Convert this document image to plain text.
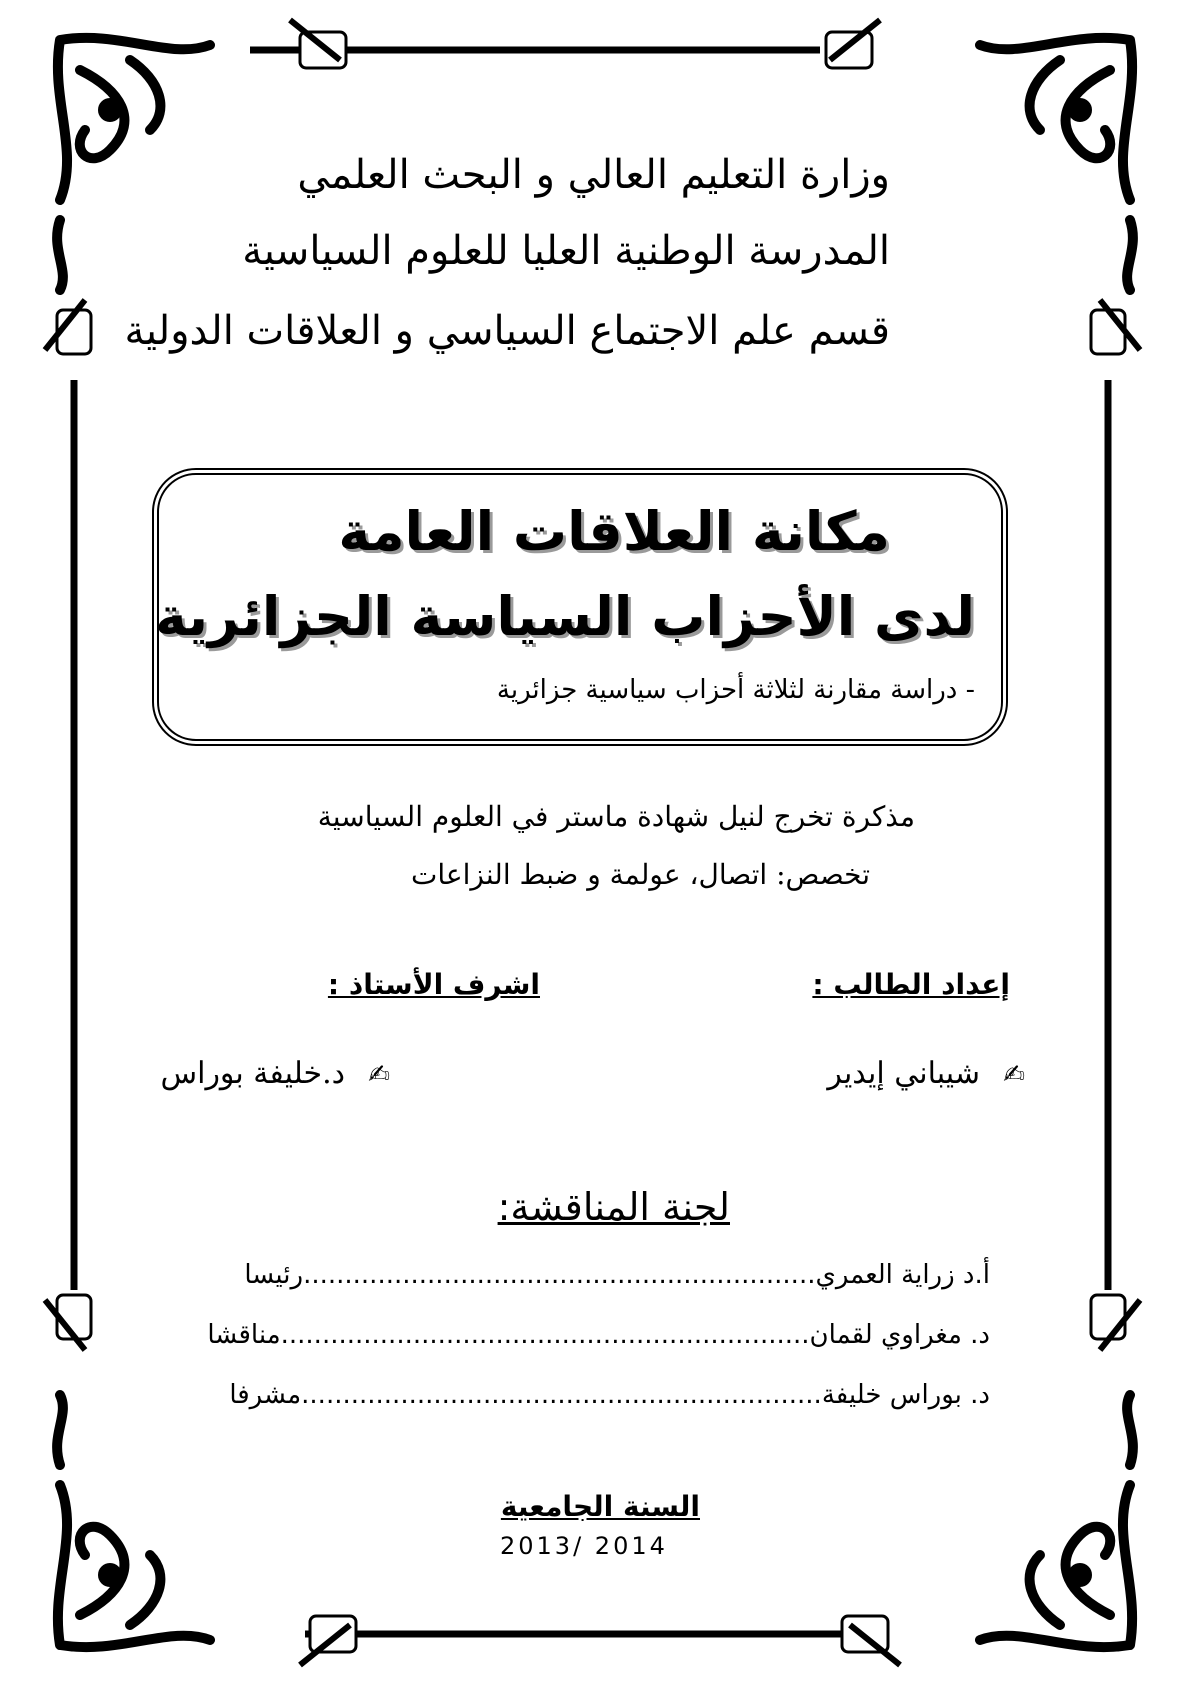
وزارة التعليم العالي و البحث العلمي
المدرسة الوطنية العليا للعلوم السياسية
قسم علم الاجتماع السياسي و العلاقات الدولية
مكانة العلاقات العامة
لدى الأحزاب السياسة الجزائرية
- دراسة مقارنة لثلاثة أحزاب سياسية جزائرية
مذكرة تخرج لنيل شهادة ماستر في العلوم السياسية
تخصص: اتصال، عولمة و ضبط النزاعات
إعداد الطالب :
اشرف الأستاذ :
✍
شيباني إيدير
✍
د.خليفة بوراس
لجنة المناقشة:
أ.د زراية العمري..............................................................رئيسا
د. مغراوي لقمان................................................................مناقشا
د. بوراس خليفة...............................................................مشرفا
السنة الجامعية
2013/ 2014
